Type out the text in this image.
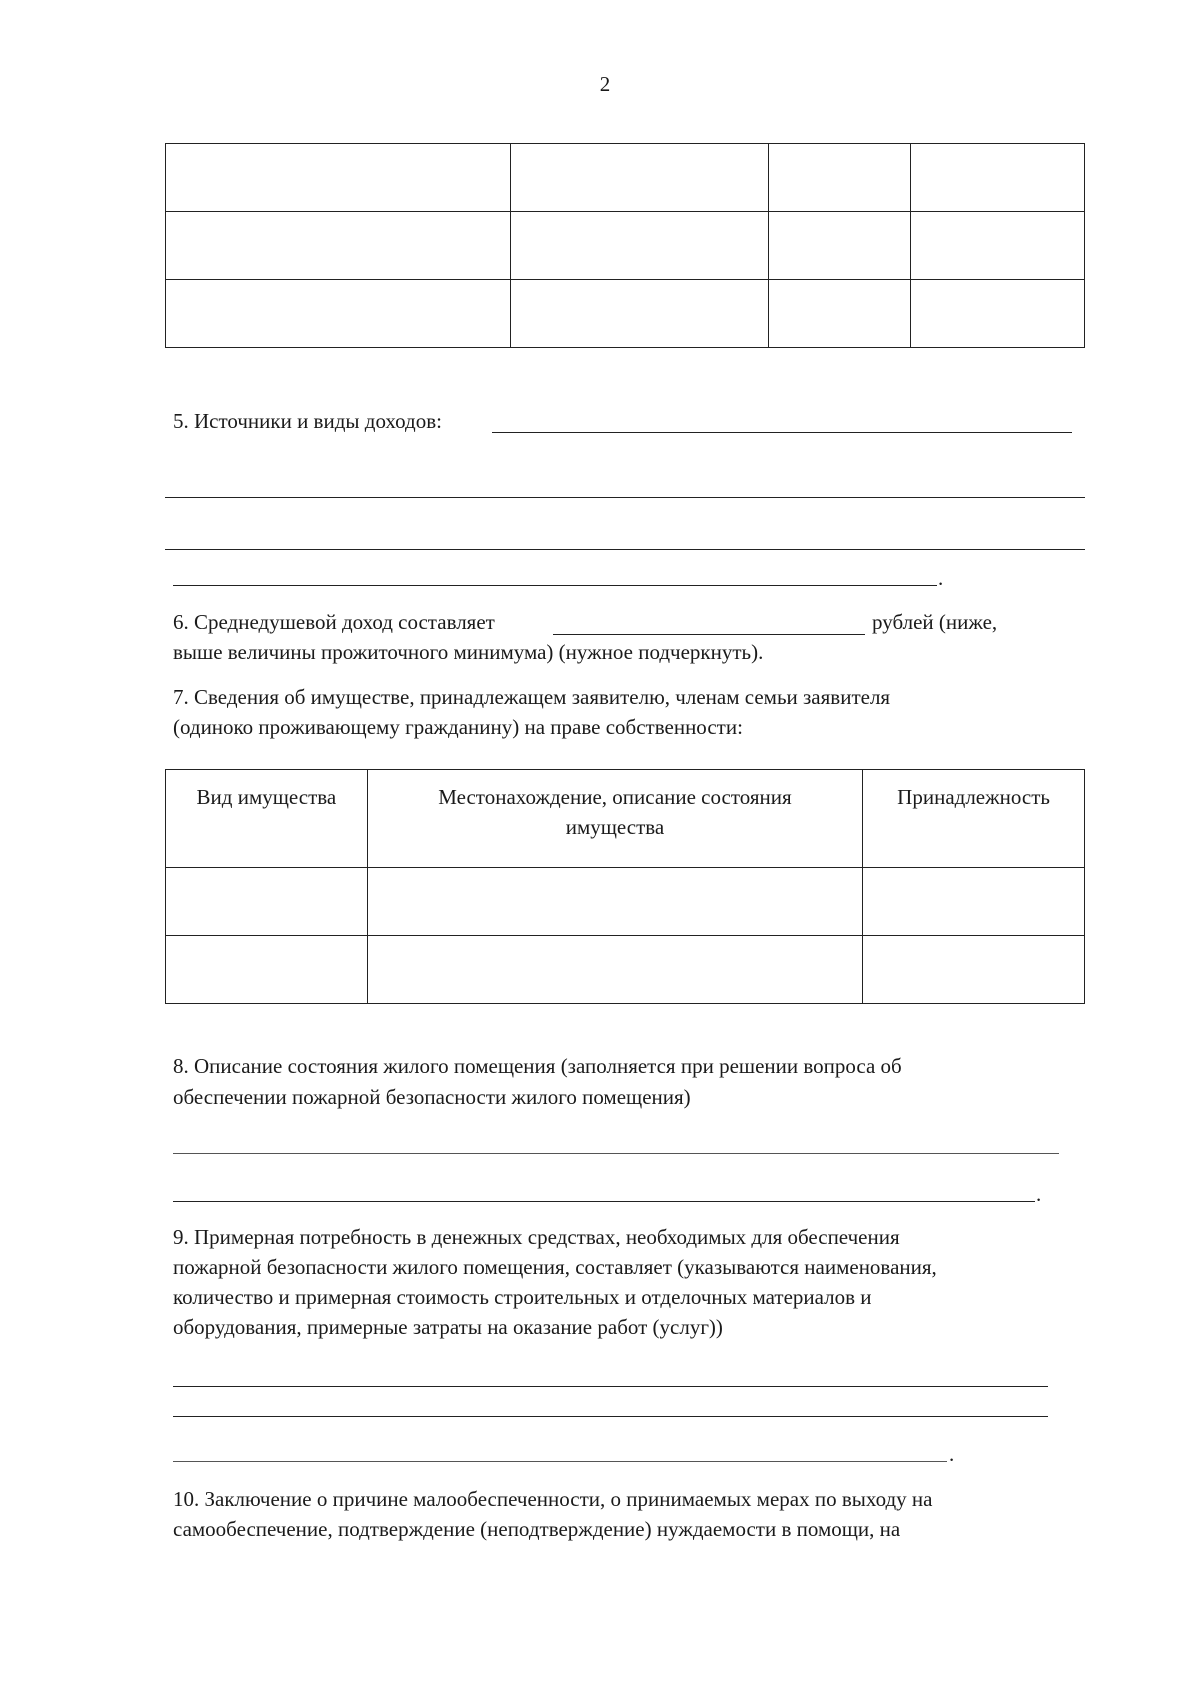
2

5. Источники и виды доходов:
.
6. Среднедушевой доход составляет	рублей (ниже,
выше величины прожиточного минимума) (нужное подчеркнуть).
7. Сведения об имуществе, принадлежащем заявителю, членам семьи заявителя
(одиноко проживающему гражданину) на праве собственности:
Вид имущества	Местонахождение, описание состояния имущества	Принадлежность

8. Описание состояния жилого помещения (заполняется при решении вопроса об
обеспечении пожарной безопасности жилого помещения)
.
9. Примерная потребность в денежных средствах, необходимых для обеспечения
пожарной безопасности жилого помещения, составляет (указываются наименования,
количество и примерная стоимость строительных и отделочных материалов и
оборудования, примерные затраты на оказание работ (услуг))
.
10. Заключение о причине малообеспеченности, о принимаемых мерах по выходу на
самообеспечение, подтверждение (неподтверждение) нуждаемости в помощи, на
